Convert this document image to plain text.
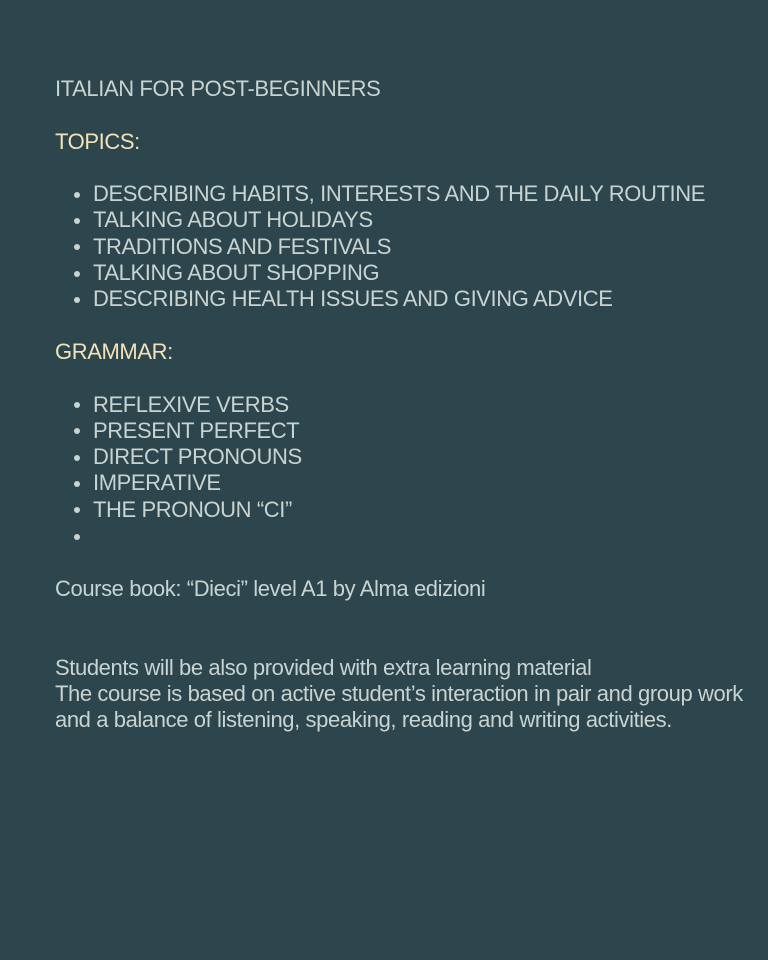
ITALIAN FOR POST-BEGINNERS

TOPICS:

DESCRIBING HABITS, INTERESTS AND THE DAILY ROUTINE
TALKING ABOUT HOLIDAYS
TRADITIONS AND FESTIVALS
TALKING ABOUT SHOPPING
DESCRIBING HEALTH ISSUES AND GIVING ADVICE

GRAMMAR:

REFLEXIVE VERBS
PRESENT PERFECT
DIRECT PRONOUNS
IMPERATIVE
THE PRONOUN “CI”

Course book: “Dieci” level A1 by Alma edizioni

Students will be also provided with extra learning material

The course is based on active student’s interaction in pair and group work and a balance of listening, speaking, reading and writing activities.
